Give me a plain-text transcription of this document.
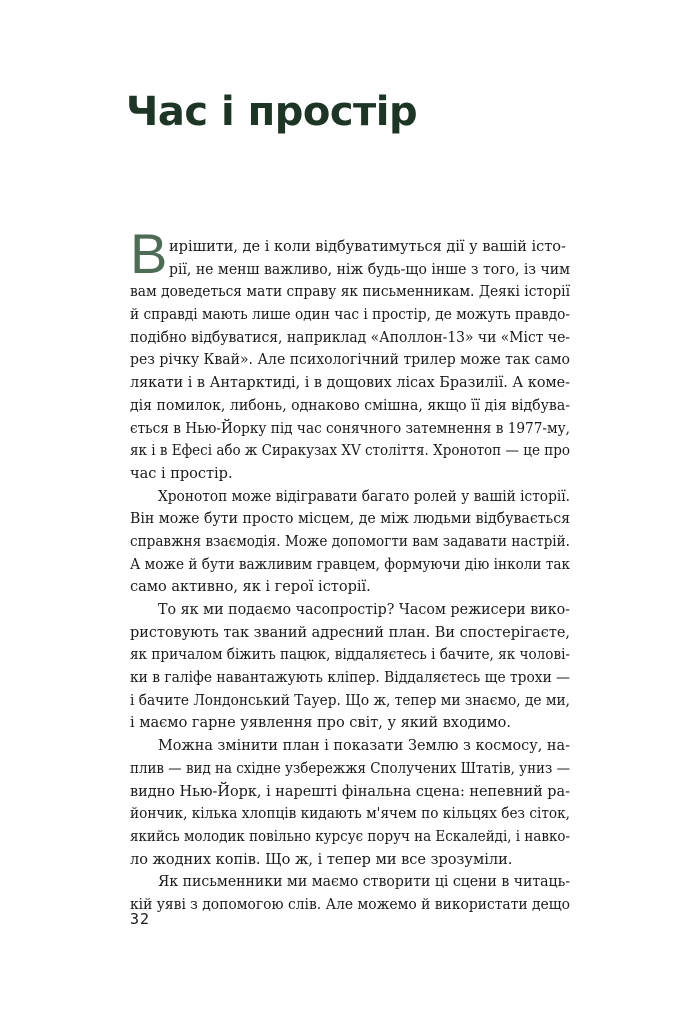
Час і простір
В ирішити, де і коли відбуватимуться дії у вашій істо-
рії, не менш важливо, ніж будь-що інше з того, із чим
вам доведеться мати справу як письменникам. Деякі історії
й справді мають лише один час і простір, де можуть правдо-
подібно відбуватися, наприклад «Аполлон-13» чи «Міст че-
рез річку Квай». Але психологічний трилер може так само
лякати і в Антарктиді, і в дощових лісах Бразилії. А коме-
дія помилок, либонь, однаково смішна, якщо її дія відбува-
ється в Нью-Йорку під час сонячного затемнення в 1977-му,
як і в Ефесі або ж Сиракузах XV століття. Хронотоп — це про
час і простір.
Хронотоп може відігравати багато ролей у вашій історії.
Він може бути просто місцем, де між людьми відбувається
справжня взаємодія. Може допомогти вам задавати настрій.
А може й бути важливим гравцем, формуючи дію інколи так
само активно, як і герої історії.
То як ми подаємо часопростір? Часом режисери вико-
ристовують так званий адресний план. Ви спостерігаєте,
як причалом біжить пацюк, віддаляєтесь і бачите, як чолові-
ки в галіфе навантажують кліпер. Віддаляєтесь ще трохи —
і бачите Лондонський Тауер. Що ж, тепер ми знаємо, де ми,
і маємо гарне уявлення про світ, у який входимо.
Можна змінити план і показати Землю з космосу, на-
плив — вид на східне узбережжя Сполучених Штатів, униз —
видно Нью-Йорк, і нарешті фінальна сцена: непевний ра-
йончик, кілька хлопців кидають м'ячем по кільцях без сіток,
якийсь молодик повільно курсує поруч на Ескалейді, і навко-
ло жодних копів. Що ж, і тепер ми все зрозуміли.
Як письменники ми маємо створити ці сцени в читаць-
кій уяві з допомогою слів. Але можемо й використати дещо
32
